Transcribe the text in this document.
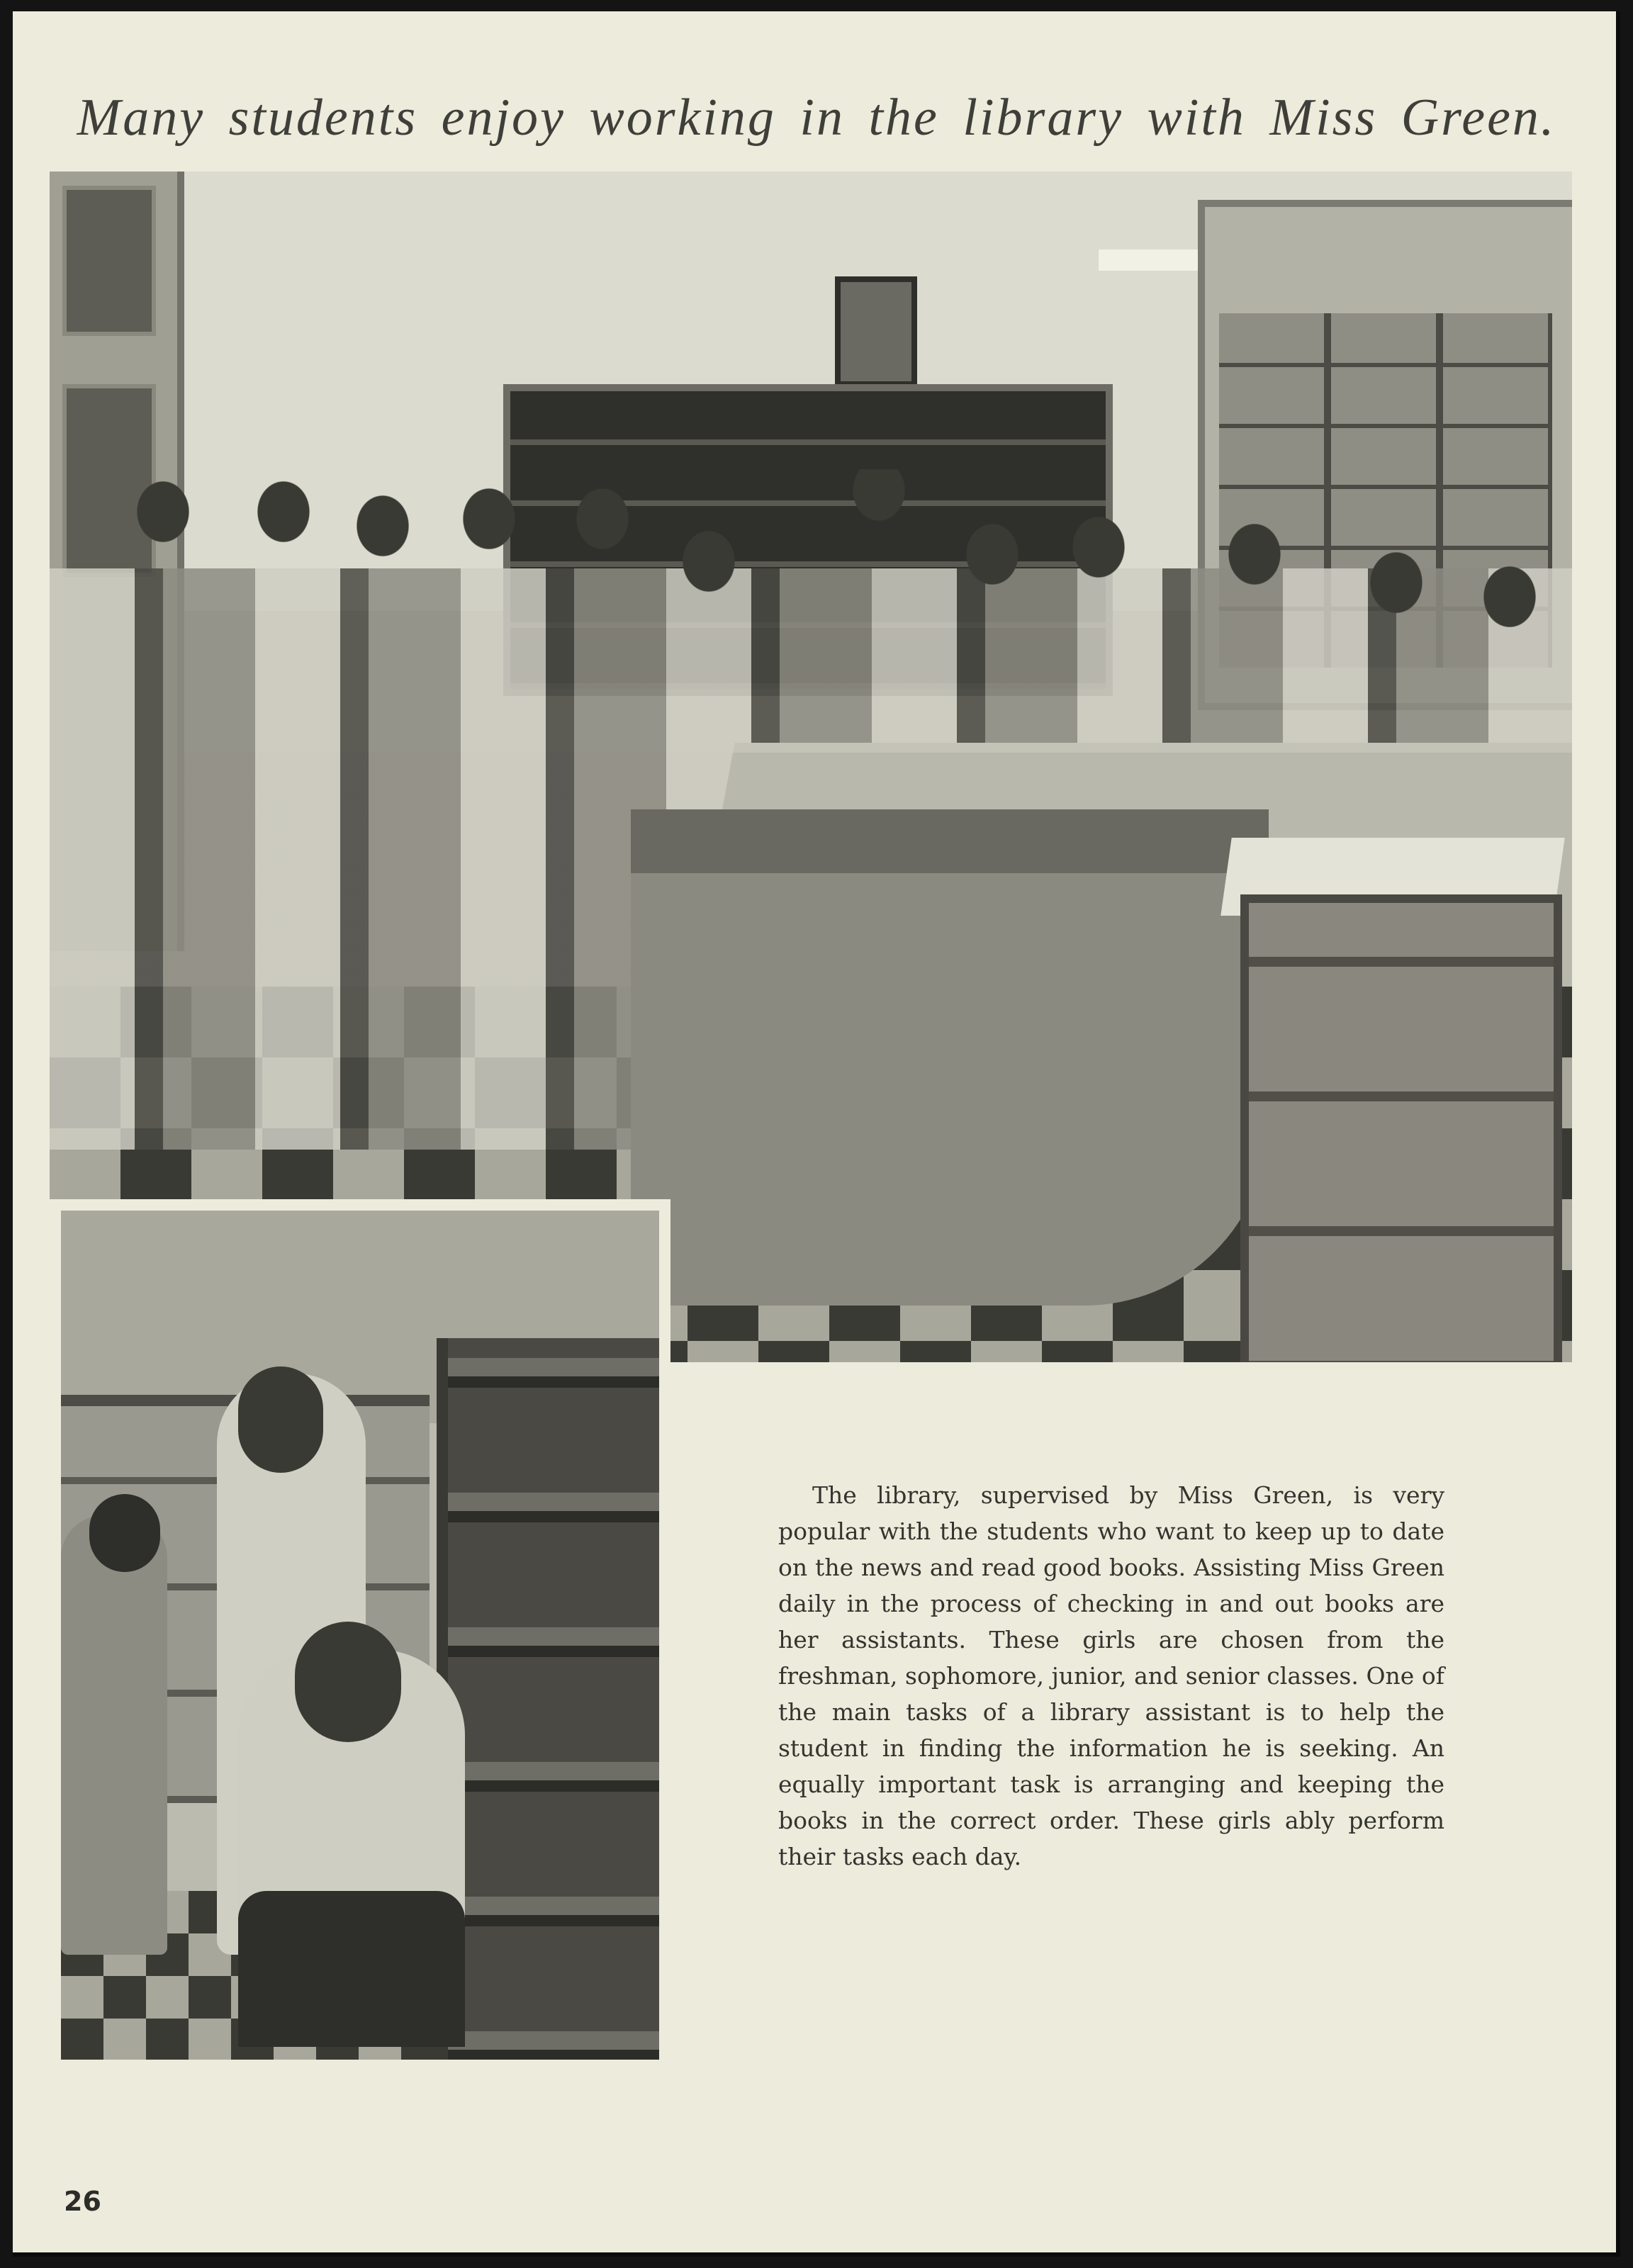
Many students enjoy working in the library with Miss Green.

The library, supervised by Miss Green, is very popular with the students who want to keep up to date on the news and read good books. Assisting Miss Green daily in the process of checking in and out books are her assistants. These girls are chosen from the freshman, sophomore, junior, and senior classes. One of the main tasks of a library assistant is to help the student in finding the information he is seeking. An equally important task is arranging and keeping the books in the correct order. These girls ably perform their tasks each day.

26
